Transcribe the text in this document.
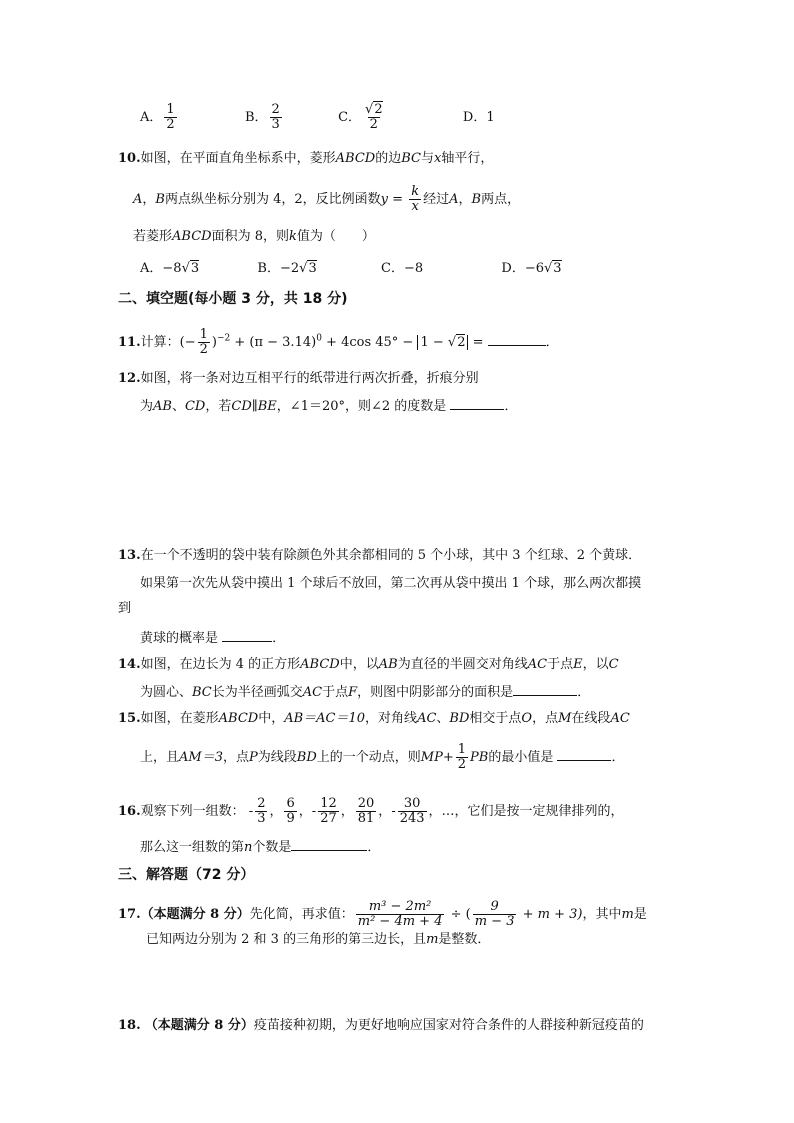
A． $\frac{1}{2}$	B． $\frac{2}{3}$	C． $\frac{√2}{2}$	D．1
10.如图，在平面直角坐标系中，菱形ABCD的边BC与x轴平行，
A，B两点纵坐标分别为 4，2，反比例函数$y = \frac{k}{x}$ 经过A，B两点，
若菱形ABCD面积为 8，则k值为（　　）
A．−8√3	B．−2√3	C．−8	D．−6√3
二、填空题(每小题 3 分，共 18 分)
11.计算：(− $\frac{1}{2} )^{-2} + (\pi - 3.14)^0 + 4\cos$ 45° − 1 − √2 =	．
12.如图，将一条对边互相平行的纸带进行两次折叠，折痕分别
为AB、CD，若CD∥BE，∠1＝20°，则∠2 的度数是	．
13.在一个不透明的袋中装有除颜色外其余都相同的 5 个小球，其中 3 个红球、2 个黄球．
如果第一次先从袋中摸出 1 个球后不放回，第二次再从袋中摸出 1 个球，那么两次都摸
到
黄球的概率是	．
14.如图，在边长为 4 的正方形ABCD中，以AB为直径的半圆交对角线AC于点E，以C
为圆心、BC长为半径画弧交AC于点F，则图中阴影部分的面积是	．
15.如图，在菱形ABCD中，AB＝AC＝10，对角线AC、BD相交于点O，点M在线段AC
上，且AM＝3，点P为线段BD上的一个动点，则$MP+ \frac{1}{2}$ PB的最小值是	．
16.观察下列一组数： - $\frac{2}{3}$ ， $\frac{6}{9}$ ，- $\frac{12}{27}$ ， $\frac{20}{81}$ ，- $\frac{30}{243}$ ，…，它们是按一定规律排列的，
那么这一组数的第n个数是	．
三、解答题（72 分）
17.（本题满分 8 分）先化简，再求值： $\frac{\text{m³ − 2m²}}{\text{m² − 4m + 4}}$ ÷ ( $\frac{9}{m - 3} + m + 3$)，其中m是
已知两边分别为 2 和 3 的三角形的第三边长，且m是整数．
18. （本题满分 8 分）疫苗接种初期，为更好地响应国家对符合条件的人群接种新冠疫苗的
